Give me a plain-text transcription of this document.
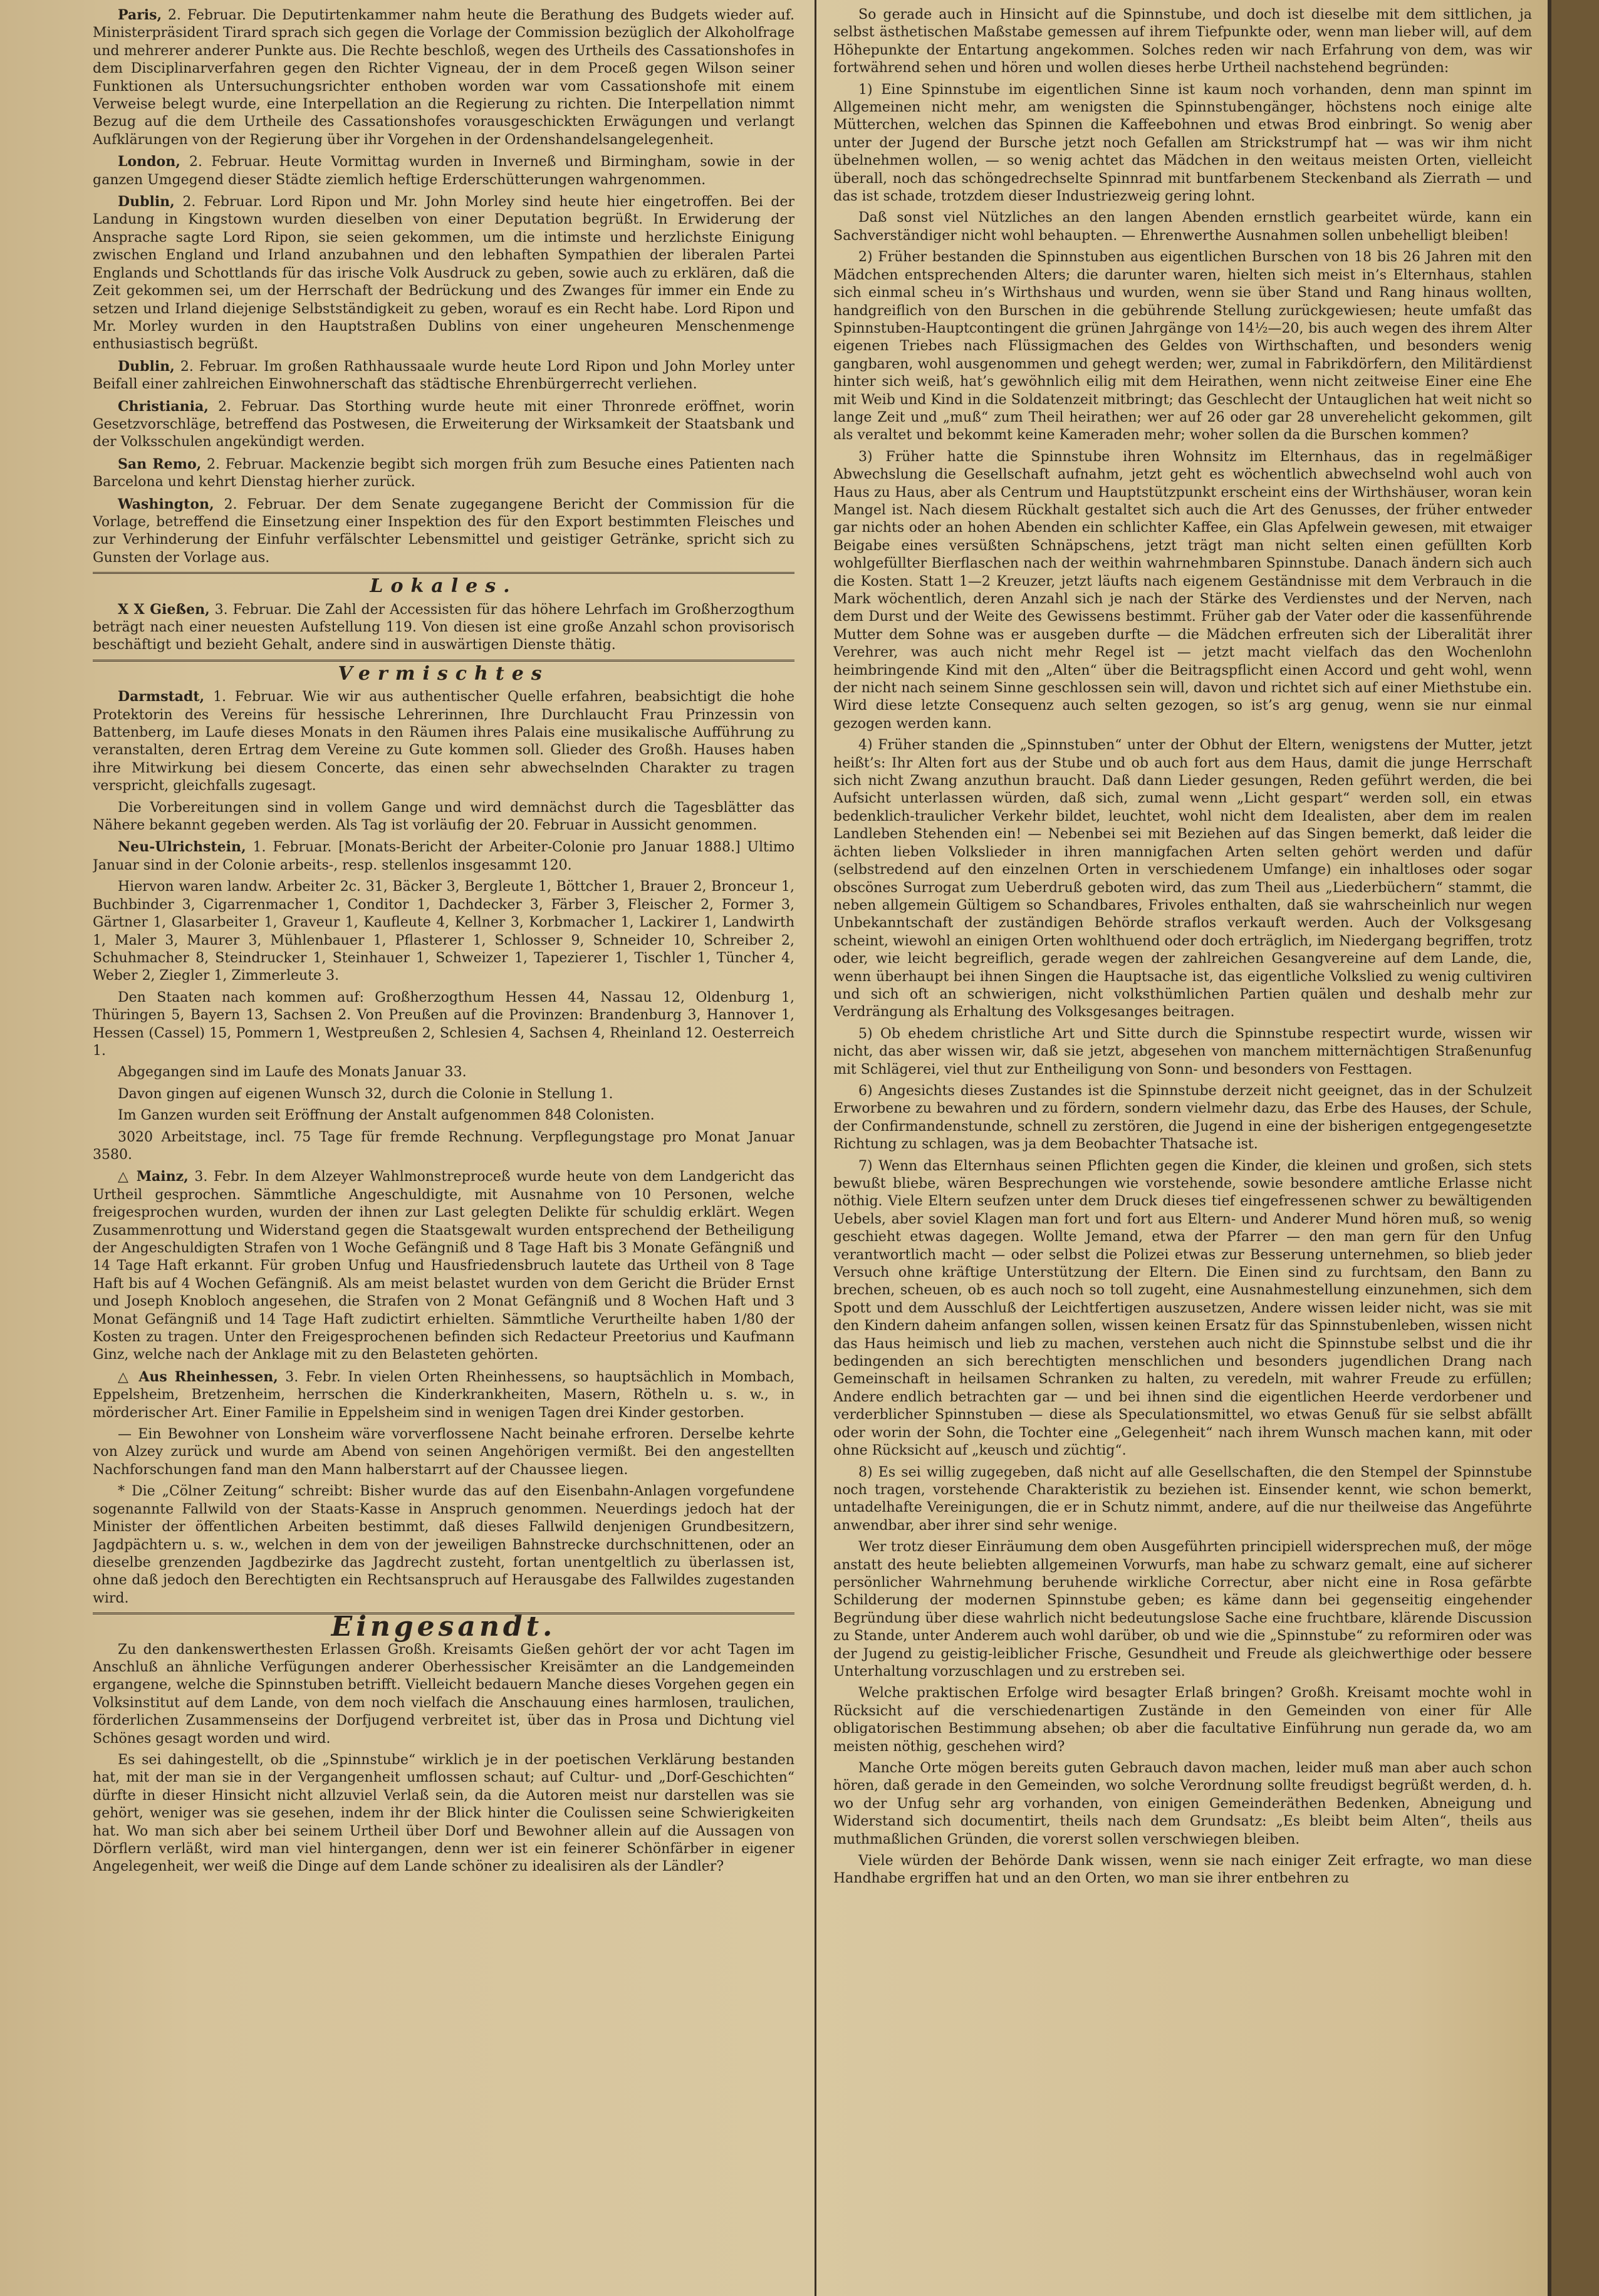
Paris, 2. Februar. Die Deputirtenkammer nahm heute die Berathung des Budgets wieder auf. Ministerpräsident Tirard sprach sich gegen die Vorlage der Commission bezüglich der Alkoholfrage und mehrerer anderer Punkte aus. Die Rechte beschloß, wegen des Urtheils des Cassationshofes in dem Disciplinarverfahren gegen den Richter Vigneau, der in dem Proceß gegen Wilson seiner Funktionen als Untersuchungsrichter enthoben worden war vom Cassationshofe mit einem Verweise belegt wurde, eine Interpellation an die Regierung zu richten. Die Interpellation nimmt Bezug auf die dem Urtheile des Cassationshofes vorausgeschickten Erwägungen und verlangt Aufklärungen von der Regierung über ihr Vorgehen in der Ordenshandelsangelegenheit.

London, 2. Februar. Heute Vormittag wurden in Inverneß und Birmingham, sowie in der ganzen Umgegend dieser Städte ziemlich heftige Erderschütterungen wahrgenommen.

Dublin, 2. Februar. Lord Ripon und Mr. John Morley sind heute hier eingetroffen. Bei der Landung in Kingstown wurden dieselben von einer Deputation begrüßt. In Erwiderung der Ansprache sagte Lord Ripon, sie seien gekommen, um die intimste und herzlichste Einigung zwischen England und Irland anzubahnen und den lebhaften Sympathien der liberalen Partei Englands und Schottlands für das irische Volk Ausdruck zu geben, sowie auch zu erklären, daß die Zeit gekommen sei, um der Herrschaft der Bedrückung und des Zwanges für immer ein Ende zu setzen und Irland diejenige Selbstständigkeit zu geben, worauf es ein Recht habe. Lord Ripon und Mr. Morley wurden in den Hauptstraßen Dublins von einer ungeheuren Menschenmenge enthusiastisch begrüßt.

Dublin, 2. Februar. Im großen Rathhaussaale wurde heute Lord Ripon und John Morley unter Beifall einer zahlreichen Einwohnerschaft das städtische Ehrenbürgerrecht verliehen.

Christiania, 2. Februar. Das Storthing wurde heute mit einer Thronrede eröffnet, worin Gesetzvorschläge, betreffend das Postwesen, die Erweiterung der Wirksamkeit der Staatsbank und der Volksschulen angekündigt werden.

San Remo, 2. Februar. Mackenzie begibt sich morgen früh zum Besuche eines Patienten nach Barcelona und kehrt Dienstag hierher zurück.

Washington, 2. Februar. Der dem Senate zugegangene Bericht der Commission für die Vorlage, betreffend die Einsetzung einer Inspektion des für den Export bestimmten Fleisches und zur Verhinderung der Einfuhr verfälschter Lebensmittel und geistiger Getränke, spricht sich zu Gunsten der Vorlage aus.

Lokales.

X X Gießen, 3. Februar. Die Zahl der Accessisten für das höhere Lehrfach im Großherzogthum beträgt nach einer neuesten Aufstellung 119. Von diesen ist eine große Anzahl schon provisorisch beschäftigt und bezieht Gehalt, andere sind in auswärtigen Dienste thätig.

Vermischtes

Darmstadt, 1. Februar. Wie wir aus authentischer Quelle erfahren, beabsichtigt die hohe Protektorin des Vereins für hessische Lehrerinnen, Ihre Durchlaucht Frau Prinzessin von Battenberg, im Laufe dieses Monats in den Räumen ihres Palais eine musikalische Aufführung zu veranstalten, deren Ertrag dem Vereine zu Gute kommen soll. Glieder des Großh. Hauses haben ihre Mitwirkung bei diesem Concerte, das einen sehr abwechselnden Charakter zu tragen verspricht, gleichfalls zugesagt.

Die Vorbereitungen sind in vollem Gange und wird demnächst durch die Tagesblätter das Nähere bekannt gegeben werden. Als Tag ist vorläufig der 20. Februar in Aussicht genommen.

Neu-Ulrichstein, 1. Februar. [Monats-Bericht der Arbeiter-Colonie pro Januar 1888.] Ultimo Januar sind in der Colonie arbeits-, resp. stellenlos insgesammt 120.

Hiervon waren landw. Arbeiter 2c. 31, Bäcker 3, Bergleute 1, Böttcher 1, Brauer 2, Bronceur 1, Buchbinder 3, Cigarrenmacher 1, Conditor 1, Dachdecker 3, Färber 3, Fleischer 2, Former 3, Gärtner 1, Glasarbeiter 1, Graveur 1, Kaufleute 4, Kellner 3, Korbmacher 1, Lackirer 1, Landwirth 1, Maler 3, Maurer 3, Mühlenbauer 1, Pflasterer 1, Schlosser 9, Schneider 10, Schreiber 2, Schuhmacher 8, Steindrucker 1, Steinhauer 1, Schweizer 1, Tapezierer 1, Tischler 1, Tüncher 4, Weber 2, Ziegler 1, Zimmerleute 3.

Den Staaten nach kommen auf: Großherzogthum Hessen 44, Nassau 12, Oldenburg 1, Thüringen 5, Bayern 13, Sachsen 2. Von Preußen auf die Provinzen: Brandenburg 3, Hannover 1, Hessen (Cassel) 15, Pommern 1, Westpreußen 2, Schlesien 4, Sachsen 4, Rheinland 12. Oesterreich 1.

Abgegangen sind im Laufe des Monats Januar 33.

Davon gingen auf eigenen Wunsch 32, durch die Colonie in Stellung 1.

Im Ganzen wurden seit Eröffnung der Anstalt aufgenommen 848 Colonisten.

3020 Arbeitstage, incl. 75 Tage für fremde Rechnung. Verpflegungstage pro Monat Januar 3580.

△ Mainz, 3. Febr. In dem Alzeyer Wahlmonstreproceß wurde heute von dem Landgericht das Urtheil gesprochen. Sämmtliche Angeschuldigte, mit Ausnahme von 10 Personen, welche freigesprochen wurden, wurden der ihnen zur Last gelegten Delikte für schuldig erklärt. Wegen Zusammenrottung und Widerstand gegen die Staatsgewalt wurden entsprechend der Betheiligung der Angeschuldigten Strafen von 1 Woche Gefängniß und 8 Tage Haft bis 3 Monate Gefängniß und 14 Tage Haft erkannt. Für groben Unfug und Hausfriedensbruch lautete das Urtheil von 8 Tage Haft bis auf 4 Wochen Gefängniß. Als am meist belastet wurden von dem Gericht die Brüder Ernst und Joseph Knobloch angesehen, die Strafen von 2 Monat Gefängniß und 8 Wochen Haft und 3 Monat Gefängniß und 14 Tage Haft zudictirt erhielten. Sämmtliche Verurtheilte haben 1/80 der Kosten zu tragen. Unter den Freigesprochenen befinden sich Redacteur Preetorius und Kaufmann Ginz, welche nach der Anklage mit zu den Belasteten gehörten.

△ Aus Rheinhessen, 3. Febr. In vielen Orten Rheinhessens, so hauptsächlich in Mombach, Eppelsheim, Bretzenheim, herrschen die Kinderkrankheiten, Masern, Rötheln u. s. w., in mörderischer Art. Einer Familie in Eppelsheim sind in wenigen Tagen drei Kinder gestorben.

— Ein Bewohner von Lonsheim wäre vorverflossene Nacht beinahe erfroren. Derselbe kehrte von Alzey zurück und wurde am Abend von seinen Angehörigen vermißt. Bei den angestellten Nachforschungen fand man den Mann halberstarrt auf der Chaussee liegen.

* Die „Cölner Zeitung“ schreibt: Bisher wurde das auf den Eisenbahn-Anlagen vorgefundene sogenannte Fallwild von der Staats-Kasse in Anspruch genommen. Neuerdings jedoch hat der Minister der öffentlichen Arbeiten bestimmt, daß dieses Fallwild denjenigen Grundbesitzern, Jagdpächtern u. s. w., welchen in dem von der jeweiligen Bahnstrecke durchschnittenen, oder an dieselbe grenzenden Jagdbezirke das Jagdrecht zusteht, fortan unentgeltlich zu überlassen ist, ohne daß jedoch den Berechtigten ein Rechtsanspruch auf Herausgabe des Fallwildes zugestanden wird.

Eingesandt.

Zu den dankenswerthesten Erlassen Großh. Kreisamts Gießen gehört der vor acht Tagen im Anschluß an ähnliche Verfügungen anderer Oberhessischer Kreisämter an die Landgemeinden ergangene, welche die Spinnstuben betrifft. Vielleicht bedauern Manche dieses Vorgehen gegen ein Volksinstitut auf dem Lande, von dem noch vielfach die Anschauung eines harmlosen, traulichen, förderlichen Zusammenseins der Dorfjugend verbreitet ist, über das in Prosa und Dichtung viel Schönes gesagt worden und wird.

Es sei dahingestellt, ob die „Spinnstube“ wirklich je in der poetischen Verklärung bestanden hat, mit der man sie in der Vergangenheit umflossen schaut; auf Cultur- und „Dorf-Geschichten“ dürfte in dieser Hinsicht nicht allzuviel Verlaß sein, da die Autoren meist nur darstellen was sie gehört, weniger was sie gesehen, indem ihr der Blick hinter die Coulissen seine Schwierigkeiten hat. Wo man sich aber bei seinem Urtheil über Dorf und Bewohner allein auf die Aussagen von Dörflern verläßt, wird man viel hintergangen, denn wer ist ein feinerer Schönfärber in eigener Angelegenheit, wer weiß die Dinge auf dem Lande schöner zu idealisiren als der Ländler?

So gerade auch in Hinsicht auf die Spinnstube, und doch ist dieselbe mit dem sittlichen, ja selbst ästhetischen Maßstabe gemessen auf ihrem Tiefpunkte oder, wenn man lieber will, auf dem Höhepunkte der Entartung angekommen. Solches reden wir nach Erfahrung von dem, was wir fortwährend sehen und hören und wollen dieses herbe Urtheil nachstehend begründen:

1) Eine Spinnstube im eigentlichen Sinne ist kaum noch vorhanden, denn man spinnt im Allgemeinen nicht mehr, am wenigsten die Spinnstubengänger, höchstens noch einige alte Mütterchen, welchen das Spinnen die Kaffeebohnen und etwas Brod einbringt. So wenig aber unter der Jugend der Bursche jetzt noch Gefallen am Strickstrumpf hat — was wir ihm nicht übelnehmen wollen, — so wenig achtet das Mädchen in den weitaus meisten Orten, vielleicht überall, noch das schöngedrechselte Spinnrad mit buntfarbenem Steckenband als Zierrath — und das ist schade, trotzdem dieser Industriezweig gering lohnt.

Daß sonst viel Nützliches an den langen Abenden ernstlich gearbeitet würde, kann ein Sachverständiger nicht wohl behaupten. — Ehrenwerthe Ausnahmen sollen unbehelligt bleiben!

2) Früher bestanden die Spinnstuben aus eigentlichen Burschen von 18 bis 26 Jahren mit den Mädchen entsprechenden Alters; die darunter waren, hielten sich meist in’s Elternhaus, stahlen sich einmal scheu in’s Wirthshaus und wurden, wenn sie über Stand und Rang hinaus wollten, handgreiflich von den Burschen in die gebührende Stellung zurückgewiesen; heute umfaßt das Spinnstuben-Hauptcontingent die grünen Jahrgänge von 14½—20, bis auch wegen des ihrem Alter eigenen Triebes nach Flüssigmachen des Geldes von Wirthschaften, und besonders wenig gangbaren, wohl ausgenommen und gehegt werden; wer, zumal in Fabrikdörfern, den Militärdienst hinter sich weiß, hat’s gewöhnlich eilig mit dem Heirathen, wenn nicht zeitweise Einer eine Ehe mit Weib und Kind in die Soldatenzeit mitbringt; das Geschlecht der Untauglichen hat weit nicht so lange Zeit und „muß“ zum Theil heirathen; wer auf 26 oder gar 28 unverehelicht gekommen, gilt als veraltet und bekommt keine Kameraden mehr; woher sollen da die Burschen kommen?

3) Früher hatte die Spinnstube ihren Wohnsitz im Elternhaus, das in regelmäßiger Abwechslung die Gesellschaft aufnahm, jetzt geht es wöchentlich abwechselnd wohl auch von Haus zu Haus, aber als Centrum und Hauptstützpunkt erscheint eins der Wirthshäuser, woran kein Mangel ist. Nach diesem Rückhalt gestaltet sich auch die Art des Genusses, der früher entweder gar nichts oder an hohen Abenden ein schlichter Kaffee, ein Glas Apfelwein gewesen, mit etwaiger Beigabe eines versüßten Schnäpschens, jetzt trägt man nicht selten einen gefüllten Korb wohlgefüllter Bierflaschen nach der weithin wahrnehmbaren Spinnstube. Danach ändern sich auch die Kosten. Statt 1—2 Kreuzer, jetzt läufts nach eigenem Geständnisse mit dem Verbrauch in die Mark wöchentlich, deren Anzahl sich je nach der Stärke des Verdienstes und der Nerven, nach dem Durst und der Weite des Gewissens bestimmt. Früher gab der Vater oder die kassenführende Mutter dem Sohne was er ausgeben durfte — die Mädchen erfreuten sich der Liberalität ihrer Verehrer, was auch nicht mehr Regel ist — jetzt macht vielfach das den Wochenlohn heimbringende Kind mit den „Alten“ über die Beitragspflicht einen Accord und geht wohl, wenn der nicht nach seinem Sinne geschlossen sein will, davon und richtet sich auf einer Miethstube ein. Wird diese letzte Consequenz auch selten gezogen, so ist’s arg genug, wenn sie nur einmal gezogen werden kann.

4) Früher standen die „Spinnstuben“ unter der Obhut der Eltern, wenigstens der Mutter, jetzt heißt’s: Ihr Alten fort aus der Stube und ob auch fort aus dem Haus, damit die junge Herrschaft sich nicht Zwang anzuthun braucht. Daß dann Lieder gesungen, Reden geführt werden, die bei Aufsicht unterlassen würden, daß sich, zumal wenn „Licht gespart“ werden soll, ein etwas bedenklich-traulicher Verkehr bildet, leuchtet, wohl nicht dem Idealisten, aber dem im realen Landleben Stehenden ein! — Nebenbei sei mit Beziehen auf das Singen bemerkt, daß leider die ächten lieben Volkslieder in ihren mannigfachen Arten selten gehört werden und dafür (selbstredend auf den einzelnen Orten in verschiedenem Umfange) ein inhaltloses oder sogar obscönes Surrogat zum Ueberdruß geboten wird, das zum Theil aus „Liederbüchern“ stammt, die neben allgemein Gültigem so Schandbares, Frivoles enthalten, daß sie wahrscheinlich nur wegen Unbekanntschaft der zuständigen Behörde straflos verkauft werden. Auch der Volksgesang scheint, wiewohl an einigen Orten wohlthuend oder doch erträglich, im Niedergang begriffen, trotz oder, wie leicht begreiflich, gerade wegen der zahlreichen Gesangvereine auf dem Lande, die, wenn überhaupt bei ihnen Singen die Hauptsache ist, das eigentliche Volkslied zu wenig cultiviren und sich oft an schwierigen, nicht volksthümlichen Partien quälen und deshalb mehr zur Verdrängung als Erhaltung des Volksgesanges beitragen.

5) Ob ehedem christliche Art und Sitte durch die Spinnstube respectirt wurde, wissen wir nicht, das aber wissen wir, daß sie jetzt, abgesehen von manchem mitternächtigen Straßenunfug mit Schlägerei, viel thut zur Entheiligung von Sonn- und besonders von Festtagen.

6) Angesichts dieses Zustandes ist die Spinnstube derzeit nicht geeignet, das in der Schulzeit Erworbene zu bewahren und zu fördern, sondern vielmehr dazu, das Erbe des Hauses, der Schule, der Confirmandenstunde, schnell zu zerstören, die Jugend in eine der bisherigen entgegengesetzte Richtung zu schlagen, was ja dem Beobachter Thatsache ist.

7) Wenn das Elternhaus seinen Pflichten gegen die Kinder, die kleinen und großen, sich stets bewußt bliebe, wären Besprechungen wie vorstehende, sowie besondere amtliche Erlasse nicht nöthig. Viele Eltern seufzen unter dem Druck dieses tief eingefressenen schwer zu bewältigenden Uebels, aber soviel Klagen man fort und fort aus Eltern- und Anderer Mund hören muß, so wenig geschieht etwas dagegen. Wollte Jemand, etwa der Pfarrer — den man gern für den Unfug verantwortlich macht — oder selbst die Polizei etwas zur Besserung unternehmen, so blieb jeder Versuch ohne kräftige Unterstützung der Eltern. Die Einen sind zu furchtsam, den Bann zu brechen, scheuen, ob es auch noch so toll zugeht, eine Ausnahmestellung einzunehmen, sich dem Spott und dem Ausschluß der Leichtfertigen auszusetzen, Andere wissen leider nicht, was sie mit den Kindern daheim anfangen sollen, wissen keinen Ersatz für das Spinnstubenleben, wissen nicht das Haus heimisch und lieb zu machen, verstehen auch nicht die Spinnstube selbst und die ihr bedingenden an sich berechtigten menschlichen und besonders jugendlichen Drang nach Gemeinschaft in heilsamen Schranken zu halten, zu veredeln, mit wahrer Freude zu erfüllen; Andere endlich betrachten gar — und bei ihnen sind die eigentlichen Heerde verdorbener und verderblicher Spinnstuben — diese als Speculationsmittel, wo etwas Genuß für sie selbst abfällt oder worin der Sohn, die Tochter eine „Gelegenheit“ nach ihrem Wunsch machen kann, mit oder ohne Rücksicht auf „keusch und züchtig“.

8) Es sei willig zugegeben, daß nicht auf alle Gesellschaften, die den Stempel der Spinnstube noch tragen, vorstehende Charakteristik zu beziehen ist. Einsender kennt, wie schon bemerkt, untadelhafte Vereinigungen, die er in Schutz nimmt, andere, auf die nur theilweise das Angeführte anwendbar, aber ihrer sind sehr wenige.

Wer trotz dieser Einräumung dem oben Ausgeführten principiell widersprechen muß, der möge anstatt des heute beliebten allgemeinen Vorwurfs, man habe zu schwarz gemalt, eine auf sicherer persönlicher Wahrnehmung beruhende wirkliche Correctur, aber nicht eine in Rosa gefärbte Schilderung der modernen Spinnstube geben; es käme dann bei gegenseitig eingehender Begründung über diese wahrlich nicht bedeutungslose Sache eine fruchtbare, klärende Discussion zu Stande, unter Anderem auch wohl darüber, ob und wie die „Spinnstube“ zu reformiren oder was der Jugend zu geistig-leiblicher Frische, Gesundheit und Freude als gleichwerthige oder bessere Unterhaltung vorzuschlagen und zu erstreben sei.

Welche praktischen Erfolge wird besagter Erlaß bringen? Großh. Kreisamt mochte wohl in Rücksicht auf die verschiedenartigen Zustände in den Gemeinden von einer für Alle obligatorischen Bestimmung absehen; ob aber die facultative Einführung nun gerade da, wo am meisten nöthig, geschehen wird?

Manche Orte mögen bereits guten Gebrauch davon machen, leider muß man aber auch schon hören, daß gerade in den Gemeinden, wo solche Verordnung sollte freudigst begrüßt werden, d. h. wo der Unfug sehr arg vorhanden, von einigen Gemeinderäthen Bedenken, Abneigung und Widerstand sich documentirt, theils nach dem Grundsatz: „Es bleibt beim Alten“, theils aus muthmaßlichen Gründen, die vorerst sollen verschwiegen bleiben.

Viele würden der Behörde Dank wissen, wenn sie nach einiger Zeit erfragte, wo man diese Handhabe ergriffen hat und an den Orten, wo man sie ihrer entbehren zu
